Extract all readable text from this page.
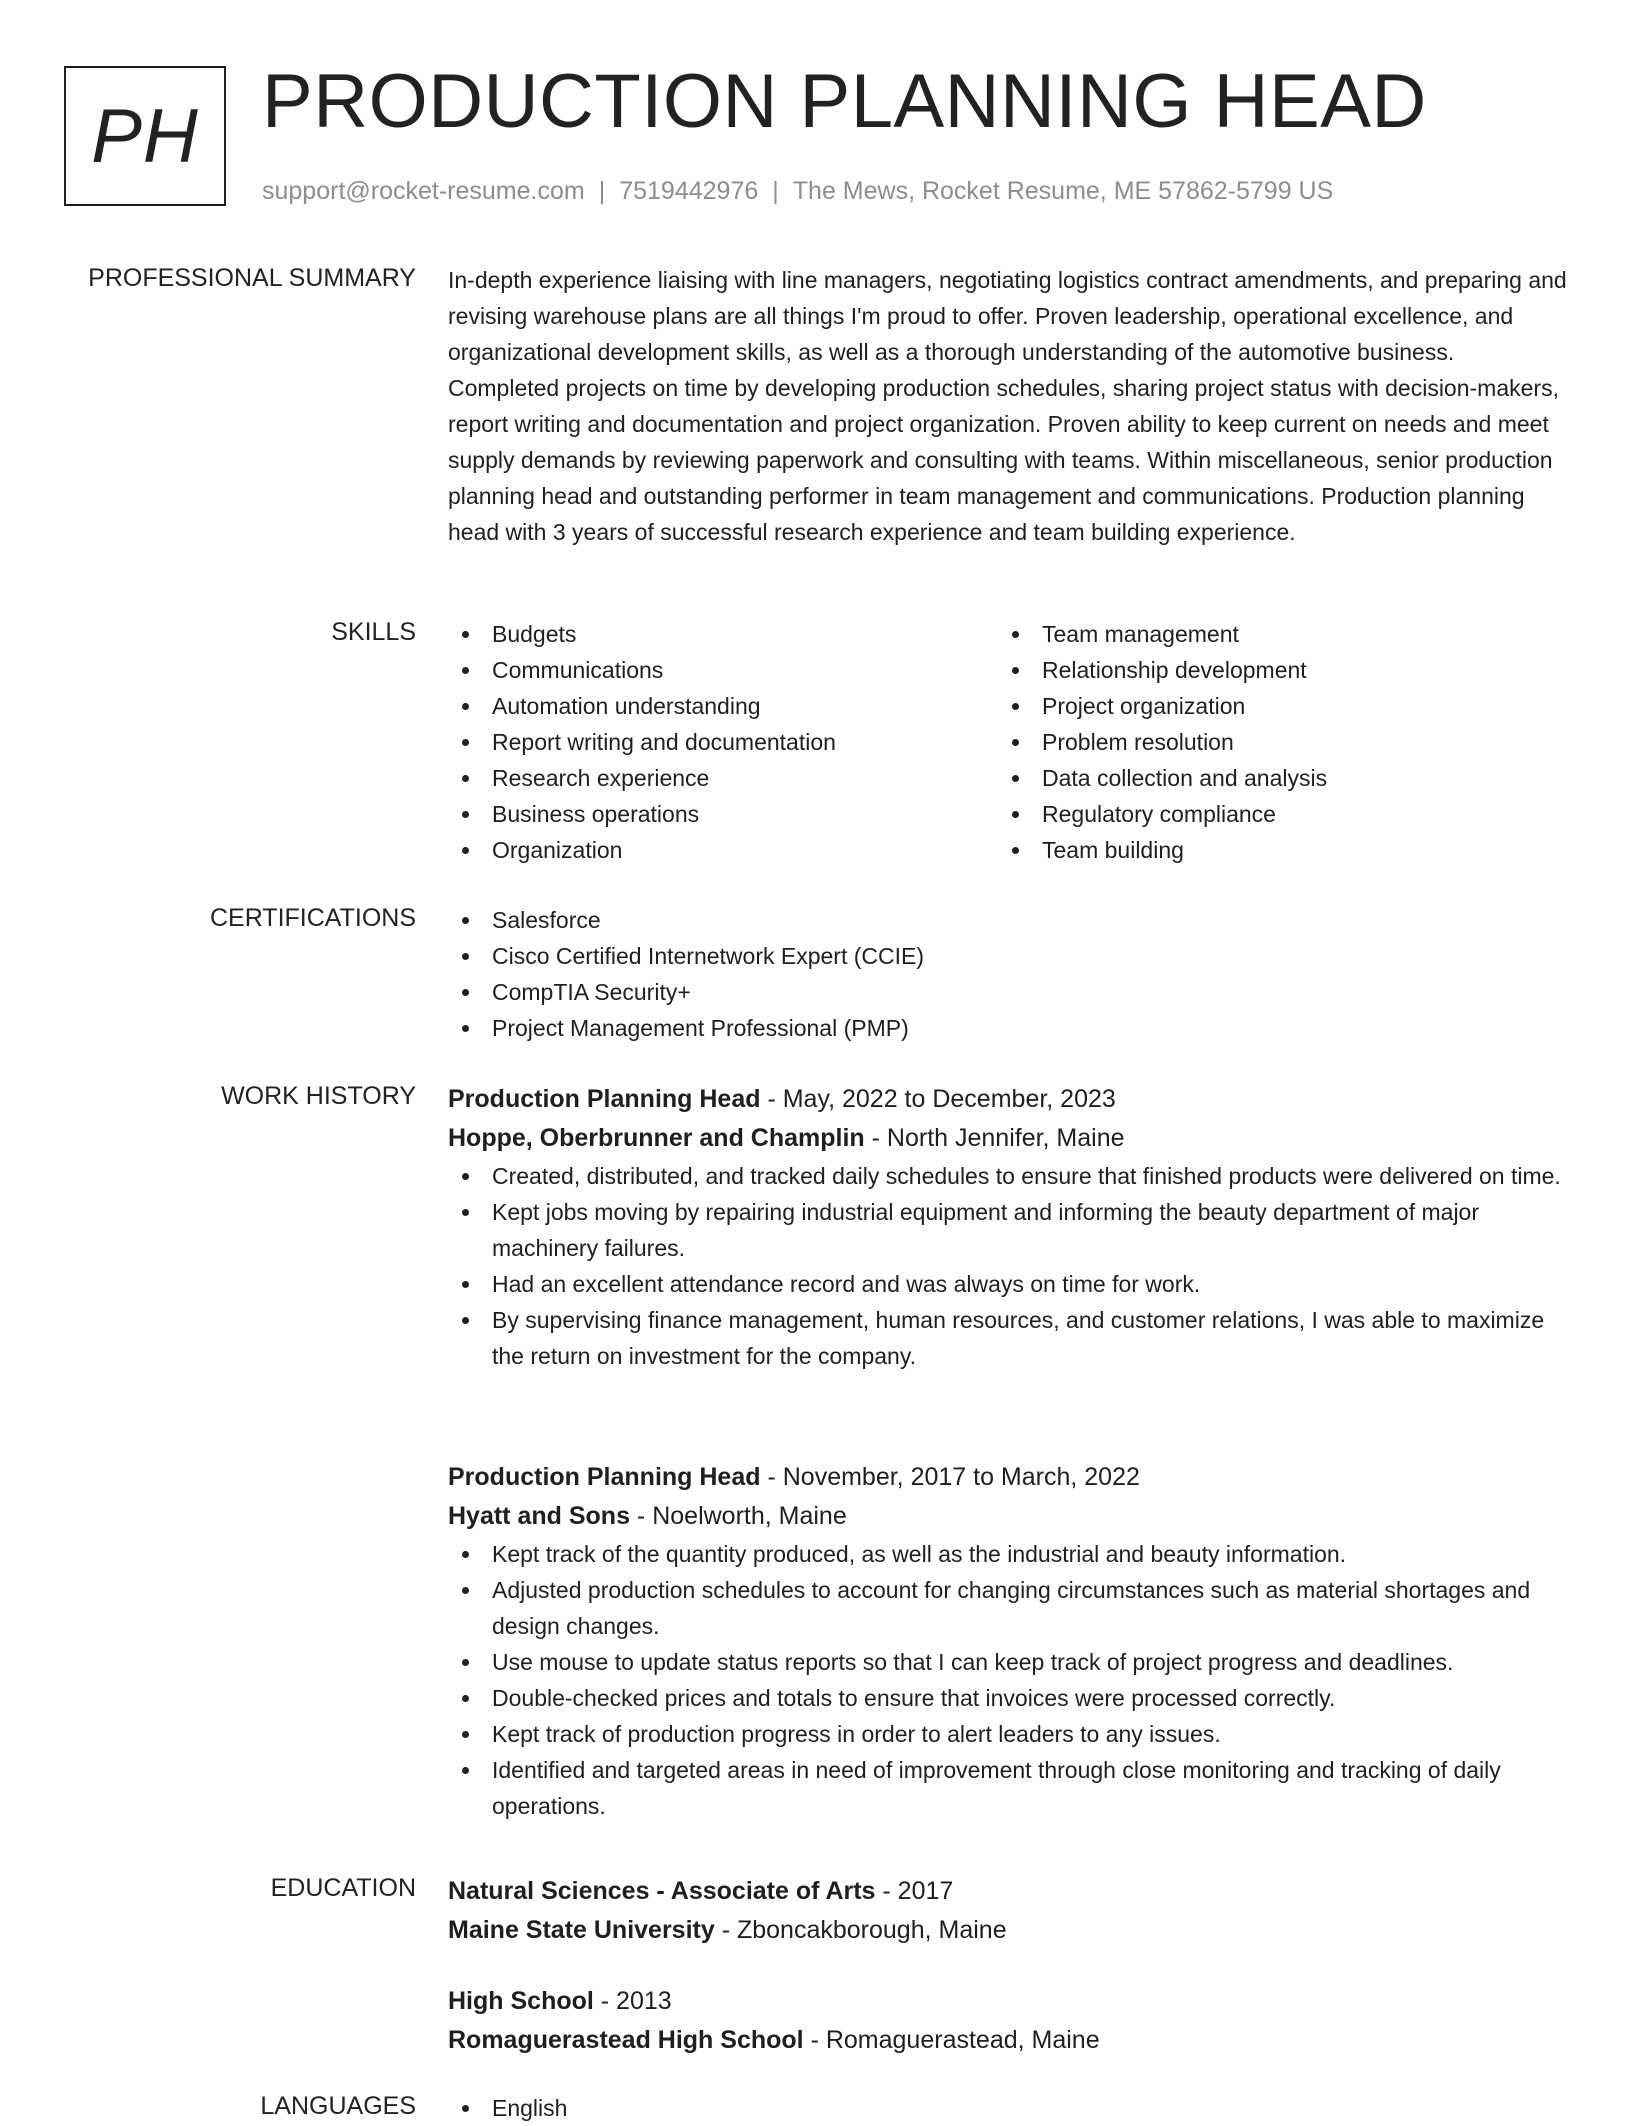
PH PRODUCTION PLANNING HEAD
support@rocket-resume.com | 7519442976 | The Mews, Rocket Resume, ME 57862-5799 US
PROFESSIONAL SUMMARY In-depth experience liaising with line managers, negotiating logistics contract amendments, and preparing and revising warehouse plans are all things I'm proud to offer. Proven leadership, operational excellence, and organizational development skills, as well as a thorough understanding of the automotive business. Completed projects on time by developing production schedules, sharing project status with decision-makers, report writing and documentation and project organization. Proven ability to keep current on needs and meet supply demands by reviewing paperwork and consulting with teams. Within miscellaneous, senior production planning head and outstanding performer in team management and communications. Production planning head with 3 years of successful research experience and team building experience.

SKILLS	Budgets
Communications
Automation understanding
Report writing and documentation
Research experience
Business operations
Organization
Team management
Relationship development
Project organization
Problem resolution
Data collection and analysis
Regulatory compliance
Team building
CERTIFICATIONS	Salesforce
Cisco Certified Internetwork Expert (CCIE)
CompTIA Security+
Project Management Professional (PMP)
WORK HISTORY Production Planning Head - May, 2022 to December, 2023
Hoppe, Oberbrunner and Champlin - North Jennifer, Maine
Created, distributed, and tracked daily schedules to ensure that finished products were delivered on time.
Kept jobs moving by repairing industrial equipment and informing the beauty department of major machinery failures.
Had an excellent attendance record and was always on time for work.
By supervising finance management, human resources, and customer relations, I was able to maximize the return on investment for the company.
Production Planning Head - November, 2017 to March, 2022
Hyatt and Sons - Noelworth, Maine
Kept track of the quantity produced, as well as the industrial and beauty information.
Adjusted production schedules to account for changing circumstances such as material shortages and design changes.
Use mouse to update status reports so that I can keep track of project progress and deadlines.
Double-checked prices and totals to ensure that invoices were processed correctly.
Kept track of production progress in order to alert leaders to any issues.
Identified and targeted areas in need of improvement through close monitoring and tracking of daily operations.
EDUCATION Natural Sciences - Associate of Arts - 2017
Maine State University - Zboncakborough, Maine
High School - 2013
Romaguerastead High School - Romaguerastead, Maine
LANGUAGES	English
